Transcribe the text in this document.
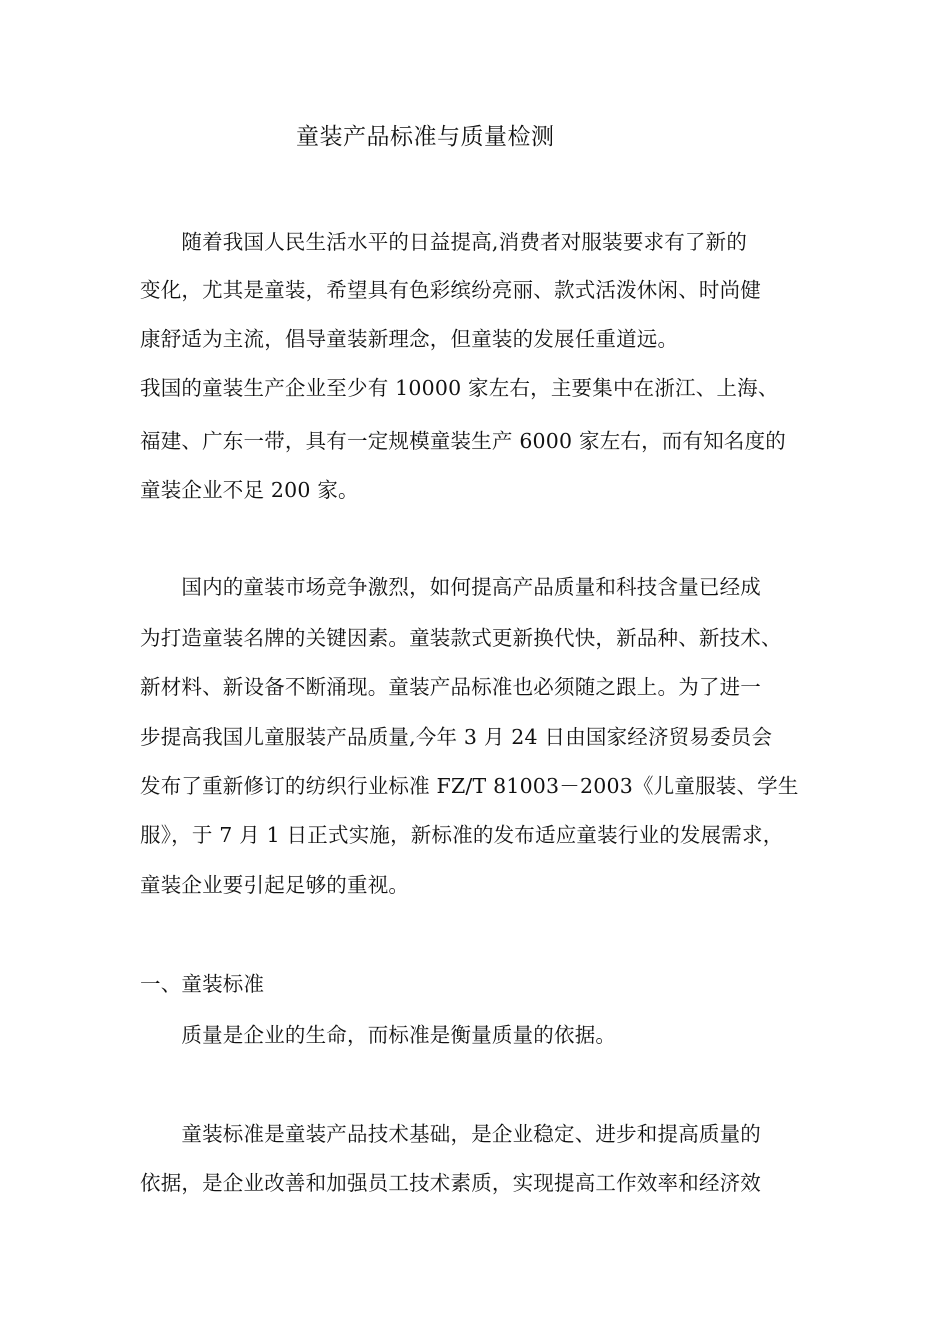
童装产品标准与质量检测
　　随着我国人民生活水平的日益提高,消费者对服装要求有了新的
变化，尤其是童装，希望具有色彩缤纷亮丽、款式活泼休闲、时尚健
康舒适为主流，倡导童装新理念，但童装的发展任重道远。
我国的童装生产企业至少有 10000 家左右，主要集中在浙江、上海、
福建、广东一带，具有一定规模童装生产 6000 家左右，而有知名度的
童装企业不足 200 家。
　　国内的童装市场竞争激烈，如何提高产品质量和科技含量已经成
为打造童装名牌的关键因素。童装款式更新换代快，新品种、新技术、
新材料、新设备不断涌现。童装产品标准也必须随之跟上。为了进一
步提高我国儿童服装产品质量,今年 3 月 24 日由国家经济贸易委员会
发布了重新修订的纺织行业标准 FZ/T 81003－2003《儿童服装、学生
服》，于 7 月 1 日正式实施，新标准的发布适应童装行业的发展需求，
童装企业要引起足够的重视。
一、童装标准
　　质量是企业的生命，而标准是衡量质量的依据。
　　童装标准是童装产品技术基础，是企业稳定、进步和提高质量的
依据，是企业改善和加强员工技术素质，实现提高工作效率和经济效
